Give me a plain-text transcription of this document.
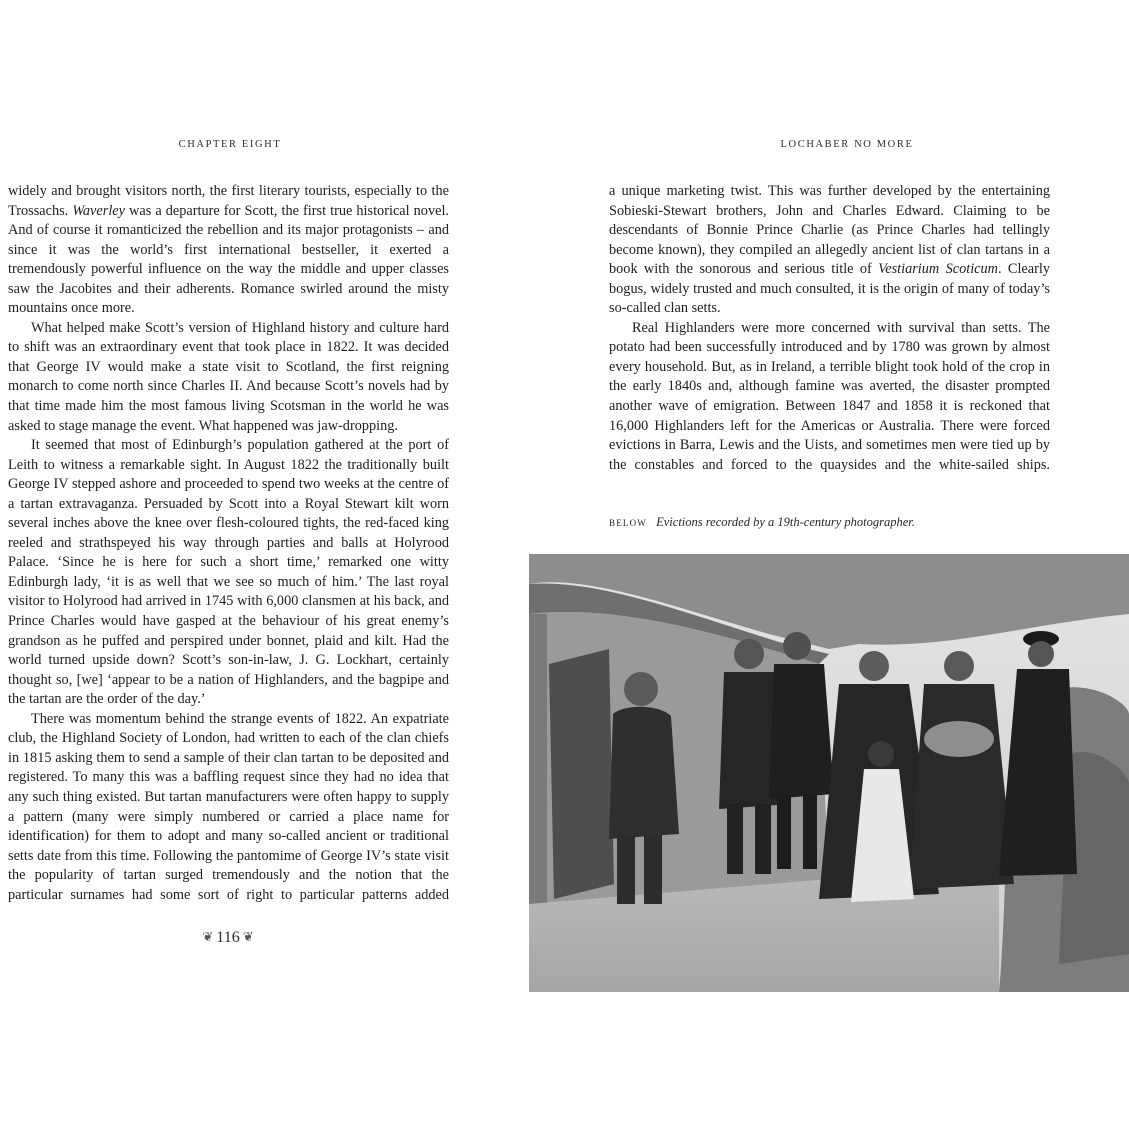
CHAPTER EIGHT

widely and brought visitors north, the first literary tourists, especially to the Trossachs. Waverley was a departure for Scott, the first true historical novel. And of course it romanticized the rebellion and its major protagonists – and since it was the world’s first international bestseller, it exerted a tremendously powerful influence on the way the middle and upper classes saw the Jacobites and their adherents. Romance swirled around the misty mountains once more.

What helped make Scott’s version of Highland history and culture hard to shift was an extraordinary event that took place in 1822. It was decided that George IV would make a state visit to Scotland, the first reigning monarch to come north since Charles II. And because Scott’s novels had by that time made him the most famous living Scotsman in the world he was asked to stage manage the event. What happened was jaw-dropping.

It seemed that most of Edinburgh’s population gathered at the port of Leith to witness a remarkable sight. In August 1822 the traditionally built George IV stepped ashore and proceeded to spend two weeks at the centre of a tartan extravaganza. Persuaded by Scott into a Royal Stewart kilt worn several inches above the knee over flesh-coloured tights, the red-faced king reeled and strathspeyed his way through parties and balls at Holyrood Palace. ‘Since he is here for such a short time,’ remarked one witty Edinburgh lady, ‘it is as well that we see so much of him.’ The last royal visitor to Holyrood had arrived in 1745 with 6,000 clansmen at his back, and Prince Charles would have gasped at the behaviour of his great enemy’s grandson as he puffed and perspired under bonnet, plaid and kilt. Had the world turned upside down? Scott’s son-in-law, J. G. Lockhart, certainly thought so, [we] ‘appear to be a nation of Highlanders, and the bagpipe and the tartan are the order of the day.’

There was momentum behind the strange events of 1822. An expatriate club, the Highland Society of London, had written to each of the clan chiefs in 1815 asking them to send a sample of their clan tartan to be deposited and registered. To many this was a baffling request since they had no idea that any such thing existed. But tartan manufacturers were often happy to supply a pattern (many were simply numbered or carried a place name for identification) for them to adopt and many so-called ancient or traditional setts date from this time. Following the pantomime of George IV’s state visit the popularity of tartan surged tremendously and the notion that the particular surnames had some sort of right to particular patterns added

❦ 116 ❦
LOCHABER NO MORE

a unique marketing twist. This was further developed by the entertaining Sobieski-Stewart brothers, John and Charles Edward. Claiming to be descendants of Bonnie Prince Charlie (as Prince Charles had tellingly become known), they compiled an allegedly ancient list of clan tartans in a book with the sonorous and serious title of Vestiarium Scoticum. Clearly bogus, widely trusted and much consulted, it is the origin of many of today’s so-called clan setts.

Real Highlanders were more concerned with survival than setts. The potato had been successfully introduced and by 1780 was grown by almost every household. But, as in Ireland, a terrible blight took hold of the crop in the early 1840s and, although famine was averted, the disaster prompted another wave of emigration. Between 1847 and 1858 it is reckoned that 16,000 Highlanders left for the Americas or Australia. There were forced evictions in Barra, Lewis and the Uists, and sometimes men were tied up by the constables and forced to the quaysides and the white-sailed ships.

BELOW Evictions recorded by a 19th-century photographer.
